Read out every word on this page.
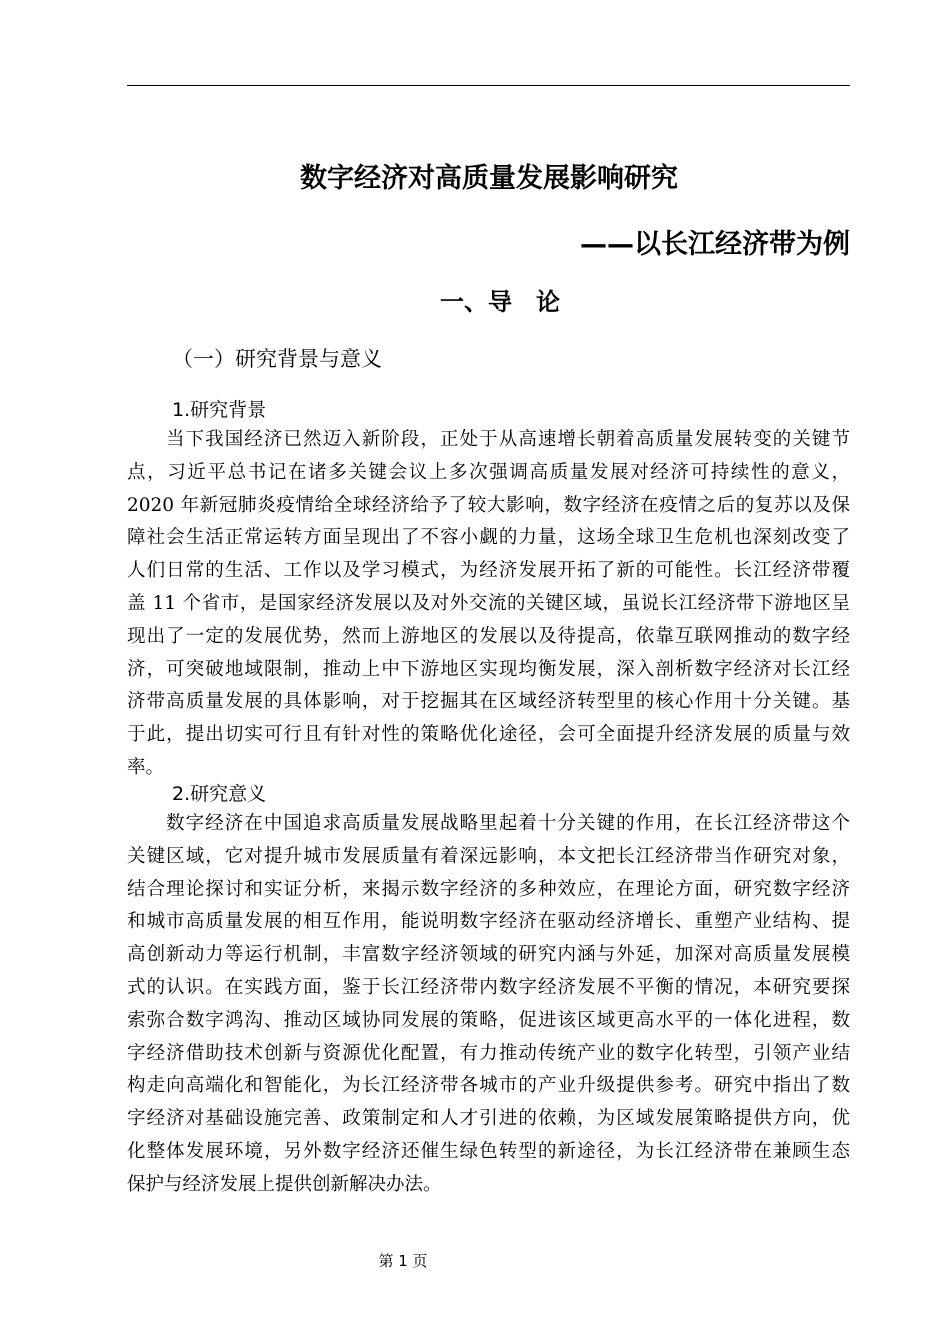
数字经济对高质量发展影响研究
——以长江经济带为例
一、导　论
（一）研究背景与意义
1.研究背景
当下我国经济已然迈入新阶段，正处于从高速增长朝着高质量发展转变的关键节
点，习近平总书记在诸多关键会议上多次强调高质量发展对经济可持续性的意义，
2020 年新冠肺炎疫情给全球经济给予了较大影响，数字经济在疫情之后的复苏以及保
障社会生活正常运转方面呈现出了不容小觑的力量，这场全球卫生危机也深刻改变了
人们日常的生活、工作以及学习模式，为经济发展开拓了新的可能性。长江经济带覆
盖 11 个省市，是国家经济发展以及对外交流的关键区域，虽说长江经济带下游地区呈
现出了一定的发展优势，然而上游地区的发展以及待提高，依靠互联网推动的数字经
济，可突破地域限制，推动上中下游地区实现均衡发展，深入剖析数字经济对长江经
济带高质量发展的具体影响，对于挖掘其在区域经济转型里的核心作用十分关键。基
于此，提出切实可行且有针对性的策略优化途径，会可全面提升经济发展的质量与效
率。
2.研究意义
数字经济在中国追求高质量发展战略里起着十分关键的作用，在长江经济带这个
关键区域，它对提升城市发展质量有着深远影响，本文把长江经济带当作研究对象，
结合理论探讨和实证分析，来揭示数字经济的多种效应，在理论方面，研究数字经济
和城市高质量发展的相互作用，能说明数字经济在驱动经济增长、重塑产业结构、提
高创新动力等运行机制，丰富数字经济领域的研究内涵与外延，加深对高质量发展模
式的认识。在实践方面，鉴于长江经济带内数字经济发展不平衡的情况，本研究要探
索弥合数字鸿沟、推动区域协同发展的策略，促进该区域更高水平的一体化进程，数
字经济借助技术创新与资源优化配置，有力推动传统产业的数字化转型，引领产业结
构走向高端化和智能化，为长江经济带各城市的产业升级提供参考。研究中指出了数
字经济对基础设施完善、政策制定和人才引进的依赖，为区域发展策略提供方向，优
化整体发展环境，另外数字经济还催生绿色转型的新途径，为长江经济带在兼顾生态
保护与经济发展上提供创新解决办法。
第 1 页
